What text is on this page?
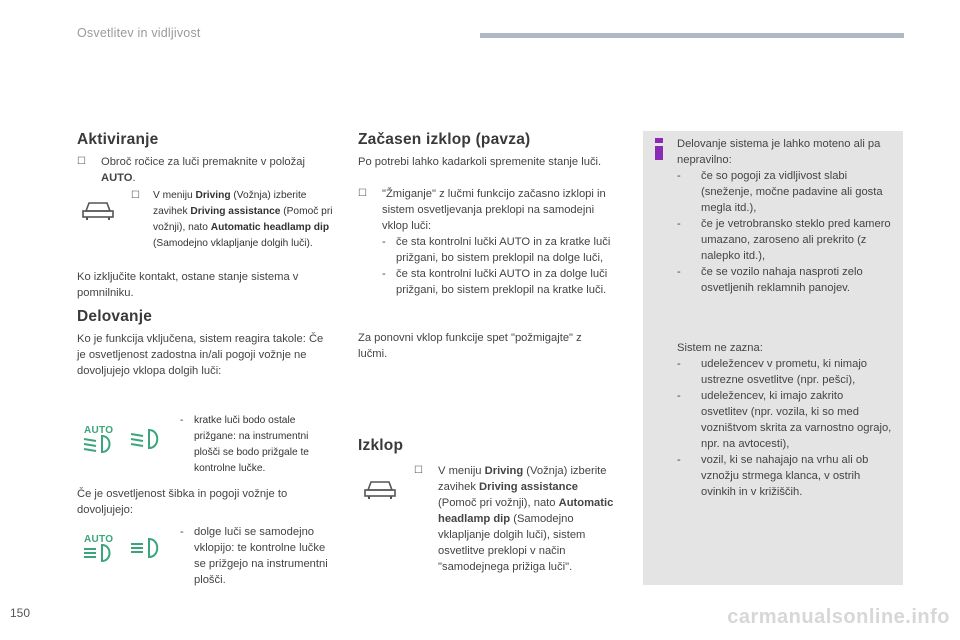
Osvetlitev in vidljivost
Aktiviranje
☐ Obroč ročice za luči premaknite v položaj AUTO.
☐ V meniju Driving (Vožnja) izberite zavihek Driving assistance (Pomoč pri vožnji), nato Automatic headlamp dip (Samodejno vklapljanje dolgih luči).
Ko izključite kontakt, ostane stanje sistema v pomnilniku.
Delovanje
Ko je funkcija vključena, sistem reagira takole: Če je osvetljenost zadostna in/ali pogoji vožnje ne dovoljujejo vklopa dolgih luči:
AUTO
- kratke luči bodo ostale prižgane: na instrumentni plošči se bodo prižgale te kontrolne lučke.
Če je osvetljenost šibka in pogoji vožnje to dovoljujejo:
AUTO
- dolge luči se samodejno vklopijo: te kontrolne lučke se prižgejo na instrumentni plošči.
Začasen izklop (pavza)
Po potrebi lahko kadarkoli spremenite stanje luči.
☐ "Žmiganje" z lučmi funkcijo začasno izklopi in sistem osvetljevanja preklopi na samodejni vklop luči:
- če sta kontrolni lučki AUTO in za kratke luči prižgani, bo sistem preklopil na dolge luči,
- če sta kontrolni lučki AUTO in za dolge luči prižgani, bo sistem preklopil na kratke luči.
Za ponovni vklop funkcije spet "požmigajte" z lučmi.
Izklop
☐ V meniju Driving (Vožnja) izberite zavihek Driving assistance (Pomoč pri vožnji), nato Automatic headlamp dip (Samodejno vklapljanje dolgih luči), sistem osvetlitve preklopi v način "samodejnega prižiga luči".
Delovanje sistema je lahko moteno ali pa nepravilno:
- če so pogoji za vidljivost slabi (sneženje, močne padavine ali gosta megla itd.),
- če je vetrobransko steklo pred kamero umazano, zaroseno ali prekrito (z nalepko itd.),
- če se vozilo nahaja nasproti zelo osvetljenih reklamnih panojev.
Sistem ne zazna:
- udeležencev v prometu, ki nimajo ustrezne osvetlitve (npr. pešci),
- udeležencev, ki imajo zakrito osvetlitev (npr. vozila, ki so med vozništvom skrita za varnostno ograjo, npr. na avtocesti),
- vozil, ki se nahajajo na vrhu ali ob vznožju strmega klanca, v ostrih ovinkih in v križiščih.
150	carmanualsonline.info
